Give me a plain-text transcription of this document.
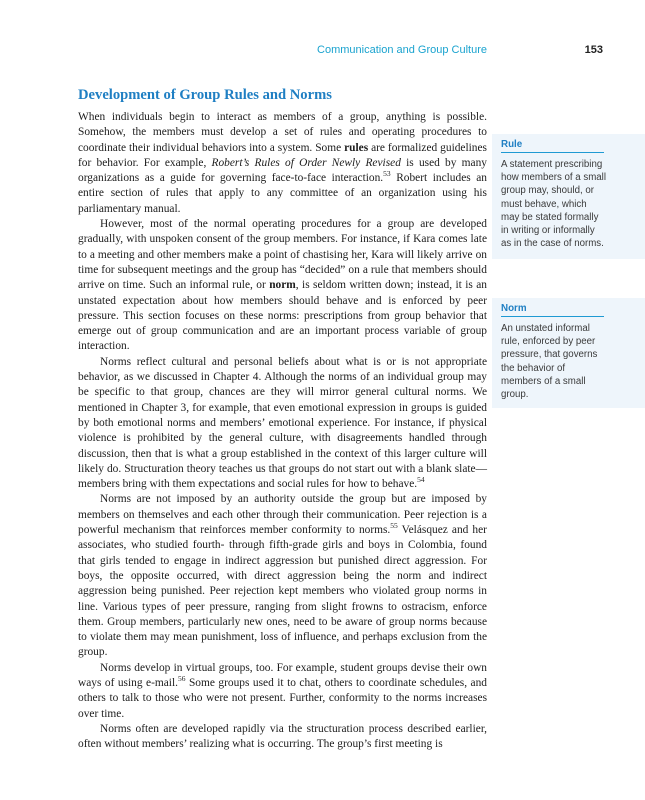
Communication and Group Culture	153
Development of Group Rules and Norms

When individuals begin to interact as members of a group, anything is possible. Somehow, the members must develop a set of rules and operating procedures to coordinate their individual behaviors into a system. Some rules are formalized guidelines for behavior. For example, Robert’s Rules of Order Newly Revised is used by many organizations as a guide for governing face-to-face interaction.$^{53}$ Robert includes an entire section of rules that apply to any committee of an organization using his parliamentary manual.

However, most of the normal operating procedures for a group are developed gradually, with unspoken consent of the group members. For instance, if Kara comes late to a meeting and other members make a point of chastising her, Kara will likely arrive on time for subsequent meetings and the group has “decided” on a rule that members should arrive on time. Such an informal rule, or norm, is seldom written down; instead, it is an unstated expectation about how members should behave and is enforced by peer pressure. This section focuses on these norms: prescriptions from group behavior that emerge out of group communication and are an important process variable of group interaction.

Norms reflect cultural and personal beliefs about what is or is not appropriate behavior, as we discussed in Chapter 4. Although the norms of an individual group may be specific to that group, chances are they will mirror general cultural norms. We mentioned in Chapter 3, for example, that even emotional expression in groups is guided by both emotional norms and members’ emotional experience. For instance, if physical violence is prohibited by the general culture, with disagreements handled through discussion, then that is what a group established in the context of this larger culture will likely do. Structuration theory teaches us that groups do not start out with a blank slate—members bring with them expectations and social rules for how to behave.$^{54}$

Norms are not imposed by an authority outside the group but are imposed by members on themselves and each other through their communication. Peer rejection is a powerful mechanism that reinforces member conformity to norms.$^{55}$ Velásquez and her associates, who studied fourth- through fifth-grade girls and boys in Colombia, found that girls tended to engage in indirect aggression but punished direct aggression. For boys, the opposite occurred, with direct aggression being the norm and indirect aggression being punished. Peer rejection kept members who violated group norms in line. Various types of peer pressure, ranging from slight frowns to ostracism, enforce them. Group members, particularly new ones, need to be aware of group norms because to violate them may mean punishment, loss of influence, and perhaps exclusion from the group.

Norms develop in virtual groups, too. For example, student groups devise their own ways of using e-mail.$^{56}$ Some groups used it to chat, others to coordinate schedules, and others to talk to those who were not present. Further, conformity to the norms increases over time.

Norms often are developed rapidly via the structuration process described earlier, often without members’ realizing what is occurring. The group’s first meeting is

Rule
A statement prescribing how members of a small group may, should, or must behave, which may be stated formally in writing or informally as in the case of norms.
Norm
An unstated informal rule, enforced by peer pressure, that governs the behavior of members of a small group.
